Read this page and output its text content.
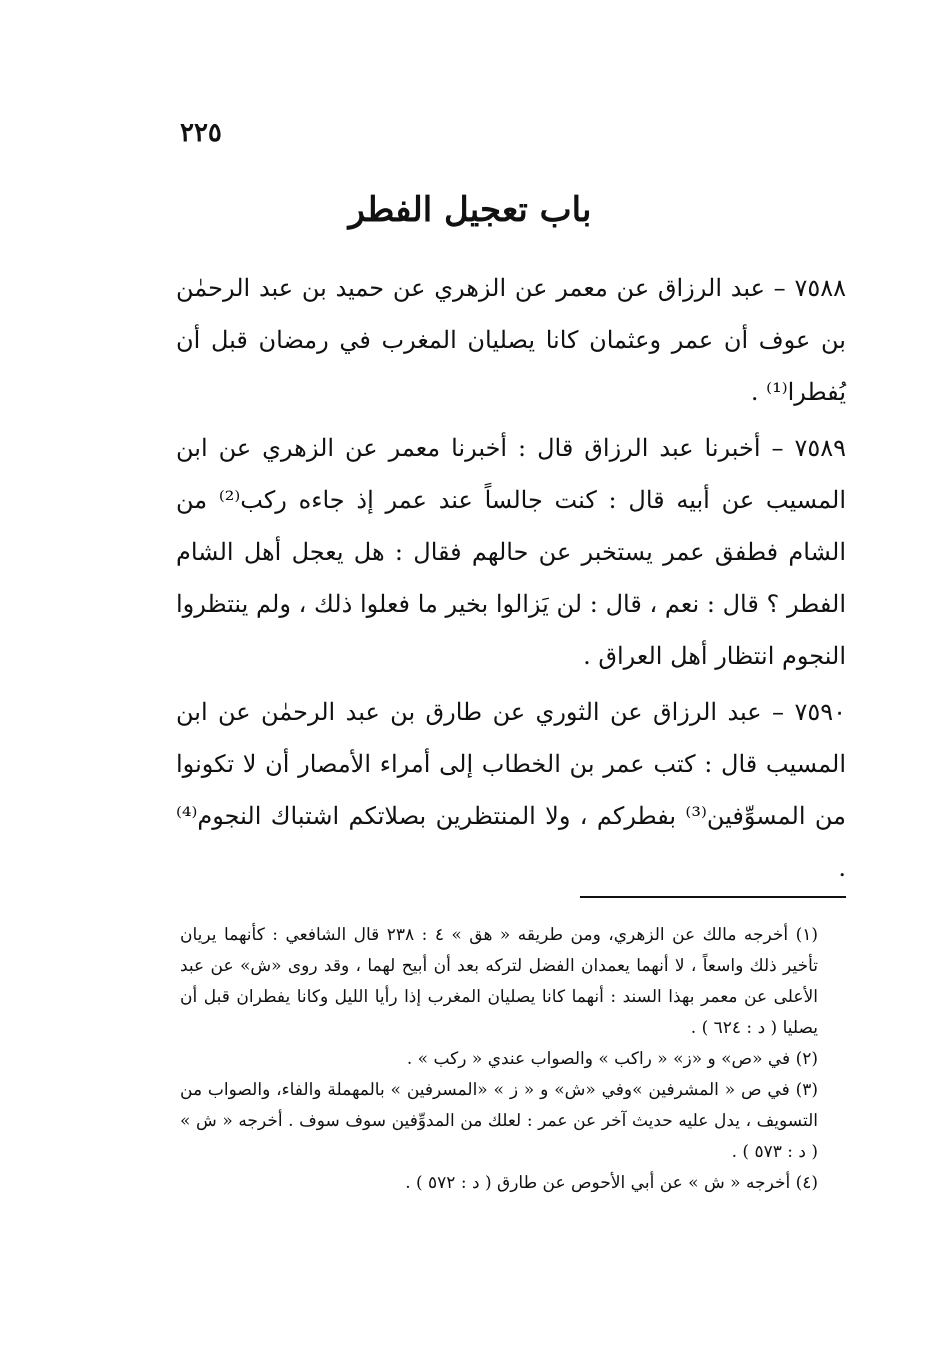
٢٢٥
باب تعجيل الفطر

٧٥٨٨ – عبد الرزاق عن معمر عن الزهري عن حميد بن عبد الرحمٰن بن عوف أن عمر وعثمان كانا يصليان المغرب في رمضان قبل أن يُفطرا⁽¹⁾ .

٧٥٨٩ – أخبرنا عبد الرزاق قال : أخبرنا معمر عن الزهري عن ابن المسيب عن أبيه قال : كنت جالساً عند عمر إذ جاءه ركب⁽²⁾ من الشام فطفق عمر يستخبر عن حالهم فقال : هل يعجل أهل الشام الفطر ؟ قال : نعم ، قال : لن يَزالوا بخير ما فعلوا ذلك ، ولم ينتظروا النجوم انتظار أهل العراق .

٧٥٩٠ – عبد الرزاق عن الثوري عن طارق بن عبد الرحمٰن عن ابن المسيب قال : كتب عمر بن الخطاب إلى أمراء الأمصار أن لا تكونوا من المسوِّفين⁽³⁾ بفطركم ، ولا المنتظرين بصلاتكم اشتباك النجوم⁽⁴⁾ .

(١) أخرجه مالك عن الزهري، ومن طريقه « هق » ٤ : ٢٣٨ قال الشافعي : كأنهما يريان تأخير ذلك واسعاً ، لا أنهما يعمدان الفضل لتركه بعد أن أبيح لهما ، وقد روى «ش» عن عبد الأعلى عن معمر بهذا السند : أنهما كانا يصليان المغرب إذا رأيا الليل وكانا يفطران قبل أن يصليا ( د : ٦٢٤ ) .

(٢) في «ص» و «ز» « راكب » والصواب عندي « ركب » .

(٣) في ص « المشرفين »وفي «ش» و « ز » «المسرفين » بالمهملة والفاء، والصواب من التسويف ، يدل عليه حديث آخر عن عمر : لعلك من المدوِّفين سوف سوف . أخرجه « ش » ( د : ٥٧٣ ) .

(٤) أخرجه « ش » عن أبي الأحوص عن طارق ( د : ٥٧٢ ) .
